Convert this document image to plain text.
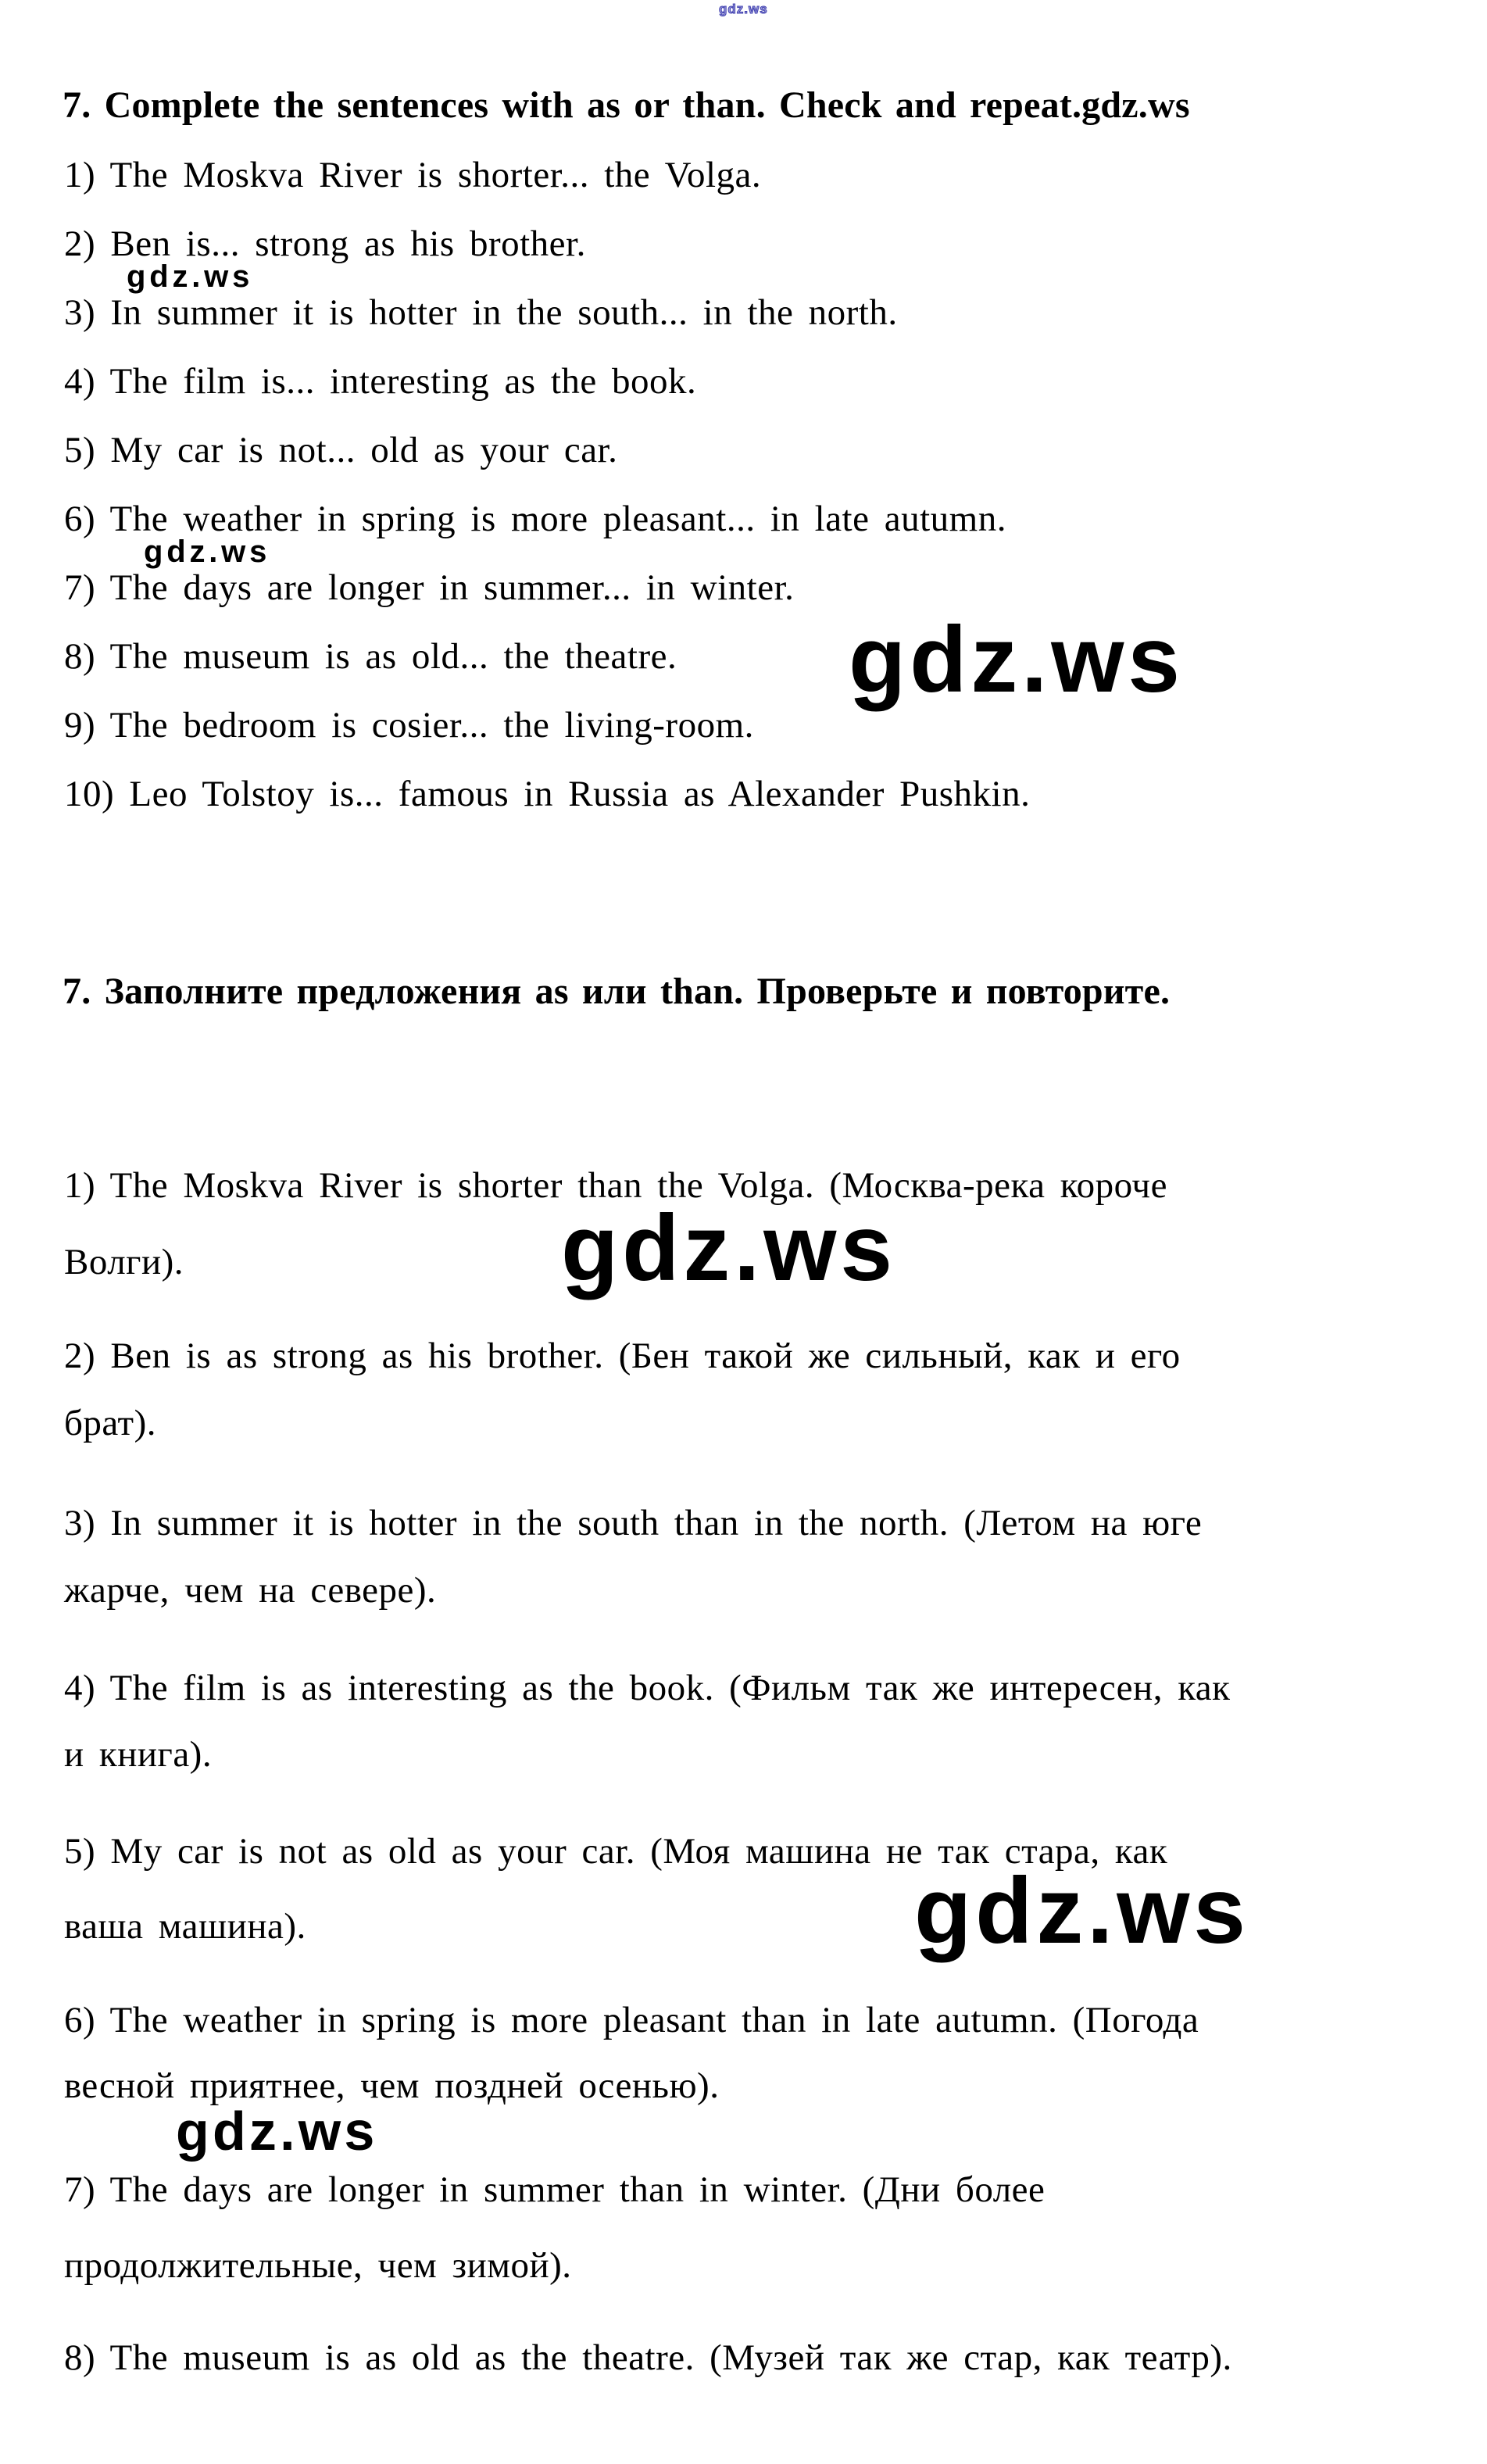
gdz.ws
gdz.ws
gdz.ws
gdz.ws
gdz.ws
gdz.ws
gdz.ws
7. Complete the sentences with as or than. Check and repeat.gdz.ws
1) The Moskva River is shorter... the Volga.
2) Ben is... strong as his brother.
3) In summer it is hotter in the south... in the north.
4) The film is... interesting as the book.
5) My car is not... old as your car.
6) The weather in spring is more pleasant... in late autumn.
7) The days are longer in summer... in winter.
8) The museum is as old... the theatre.
9) The bedroom is cosier... the living-room.
10) Leo Tolstoy is... famous in Russia as Alexander Pushkin.
7. Заполните предложения as или than. Проверьте и повторите.
1) The Moskva River is shorter than the Volga. (Москва-река короче
Волги).
2) Ben is as strong as his brother. (Бен такой же сильный, как и его
брат).
3) In summer it is hotter in the south than in the north. (Летом на юге
жарче, чем на севере).
4) The film is as interesting as the book. (Фильм так же интересен, как
и книга).
5) My car is not as old as your car. (Моя машина не так стара, как
ваша машина).
6) The weather in spring is more pleasant than in late autumn. (Погода
весной приятнее, чем поздней осенью).
7) The days are longer in summer than in winter. (Дни более
продолжительные, чем зимой).
8) The museum is as old as the theatre. (Музей так же стар, как театр).
